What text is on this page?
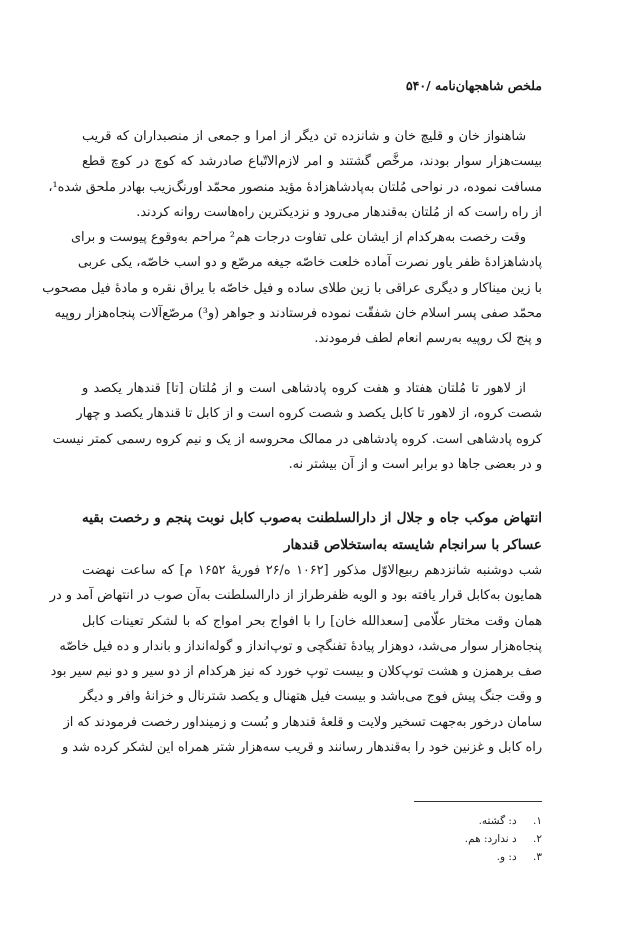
ملخص شاهجهان‌نامه /۵۴۰
شاهنواز خان و قلیچ خان و شانزده تن دیگر از امرا و جمعی از منصبداران که قریب
بیست‌هزار سوار بودند، مرخَّص گشتند و امر لازم‌الاتّباع صادرشد که کوچ در کوچ قطع
مسافت نموده، در نواحی مُلتان به‌پادشاهزادهٔ مؤید منصور محمّد اورنگ‌زیب بهادر ملحق شده¹،
از راه راست که از مُلتان به‌قندهار می‌رود و نزدیکترین راه‌هاست روانه کردند.
وقت رخصت به‌هرکدام از ایشان علی تفاوت درجات هم² مراحم به‌وقوع پیوست و برای
پادشاهزادهٔ ظفر یاور نصرت آماده خلعت خاصّه جیغه مرصّع و دو اسب خاصّه، یکی عربی
با زین میناکار و دیگری عراقی با زین طلای ساده و فیل خاصّه با یراق نقره و مادهٔ فیل مصحوب
محمّد صفی پسر اسلام خان شفقّت نموده فرستادند و جواهر (و³) مرصّع‌آلات پنجاه‌هزار روپیه
و پنج لک روپیه به‌رسم انعام لطف فرمودند.
از لاهور تا مُلتان هفتاد و هفت کروه پادشاهی است و از مُلتان [تا] قندهار یکصد و
شصت کروه، از لاهور تا کابل یکصد و شصت کروه است و از کابل تا قندهار یکصد و چهار
کروه پادشاهی است. کروه پادشاهی در ممالک محروسه از یک و نیم کروه رسمی کمتر نیست
و در بعضی جاها دو برابر است و از آن بیشتر نه.
انتهاض موکب جاه و جلال از دارالسلطنت به‌صوب کابل نوبت پنجم و رخصت بقیه
عساکر با سرانجام شایسته به‌استخلاص قندهار
شب دوشنبه شانزدهم ربیع‌الاوّل مذکور [۱۰۶۲ ه/۲۶ فوریهٔ ۱۶۵۲ م] که ساعت نهضت
همایون به‌کابل قرار یافته بود و الویه ظفرطراز از دارالسلطنت به‌آن صوب در انتهاض آمد و در
همان وقت مختار علّامی [سعدالله خان] را با افواج بحر امواج که با لشکر تعینات کابل
پنجاه‌هزار سوار می‌شد، دوهزار پیادهٔ تفنگچی و توپ‌انداز و گوله‌انداز و باندار و ده فیل خاصّه
صف برهمزن و هشت توپ‌کلان و بیست توپ خورد که نیز هرکدام از دو سیر و دو نیم سیر بود
و وقت جنگ پیش فوج می‌باشد و بیست فیل هتهنال و یکصد شترنال و خزانهٔ وافر و دیگر
سامان درخور به‌جهت تسخیر ولایت و قلعهٔ قندهار و بُست و زمینداور رخصت فرمودند که از
راه کابل و غزنین خود را به‌قندهار رسانند و قریب سه‌هزار شتر همراه این لشکر کرده شد و
۱. د: گشته.
۲. د ندارد: هم.
۳. د: و.
